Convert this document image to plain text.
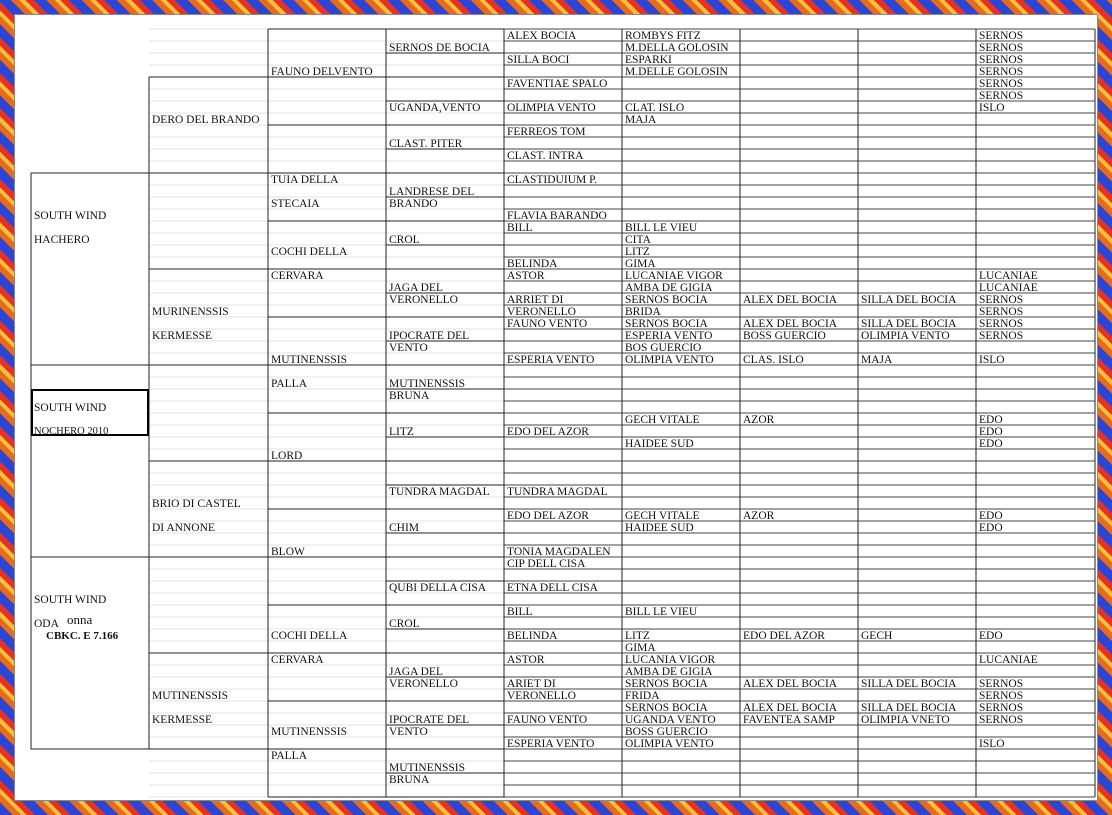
SOUTH WIND
HACHERO
SOUTH WIND
NOCHERO 2010
SOUTH WIND
ODA onna
CBKC. E 7.166
DERO DEL BRANDO
MURINENSSIS
KERMESSE
BRIO DI CASTEL
DI ANNONE
MUTINENSSIS
KERMESSE
FAUNO DELVENTO
TUIA DELLA
STECAIA
COCHI DELLA
CERVARA
MUTINENSSIS
PALLA
LORD
BLOW
COCHI DELLA
CERVARA
MUTINENSSIS
PALLA
SERNOS DE BOCIA
UGANDA,VENTO
CLAST. PITER
LANDRESE DEL BRANDO
CROL
JAGA DEL VERONELLO
IPOCRATE DEL VENTO
MUTINENSSIS BRUNA
LITZ
TUNDRA MAGDAL
CHIM
QUBI DELLA CISA
CROL
JAGA DEL VERONELLO
IPOCRATE DEL VENTO
MUTINENSSIS BRUNA
ALEX BOCIA
SILLA BOCI
FAVENTIAE SPALO
OLIMPIA VENTO
FERREOS TOM
CLAST. INTRA
CLASTIDUIUM P.
FLAVIA BARANDO
BILL
BELINDA
ASTOR
ARRIET DI VERONELLO
FAUNO VENTO
ESPERIA VENTO
EDO DEL AZOR
TUNDRA MAGDAL
EDO DEL AZOR
TONIA MAGDALEN
CIP DELL CISA
ETNA DELL CISA
BILL
BELINDA
ASTOR
ARIET DI VERONELLO
FAUNO VENTO
ESPERIA VENTO
ROMBYS FITZ
M.DELLA GOLOSIN
ESPARKI
M.DELLE GOLOSIN
CLAT. ISLO
MAJA
BILL LE VIEU
CITA
LITZ
GIMA
LUCANIAE VIGOR
AMBA DE GIGIA
SERNOS BOCIA
BRIDA
SERNOS BOCIA
ESPERIA VENTO
BOS GUERCIO
OLIMPIA VENTO
GECH VITALE
HAIDEE SUD
GECH VITALE
HAIDEE SUD
BILL LE VIEU
LITZ
GIMA
LUCANIA VIGOR
AMBA DE GIGIA
SERNOS BOCIA
FRIDA
SERNOS BOCIA
UGANDA VENTO
BOSS GUERCIO
OLIMPIA VENTO
ALEX DEL BOCIA
ALEX DEL BOCIA
BOSS GUERCIO
CLAS. ISLO
AZOR
AZOR
EDO DEL AZOR
ALEX DEL BOCIA
ALEX DEL BOCIA
FAVENTEA SAMP
SILLA DEL BOCIA
SILLA DEL BOCIA
OLIMPIA VENTO
MAJA
GECH
SILLA DEL BOCIA
SILLA DEL BOCIA
OLIMPIA VNETO
SERNOS
SERNOS
SERNOS
SERNOS
SERNOS
SERNOS
ISLO
LUCANIAE
LUCANIAE
SERNOS
SERNOS
SERNOS
SERNOS
ISLO
EDO
EDO
EDO
EDO
EDO
EDO
LUCANIAE
SERNOS
SERNOS
SERNOS
SERNOS
ISLO
